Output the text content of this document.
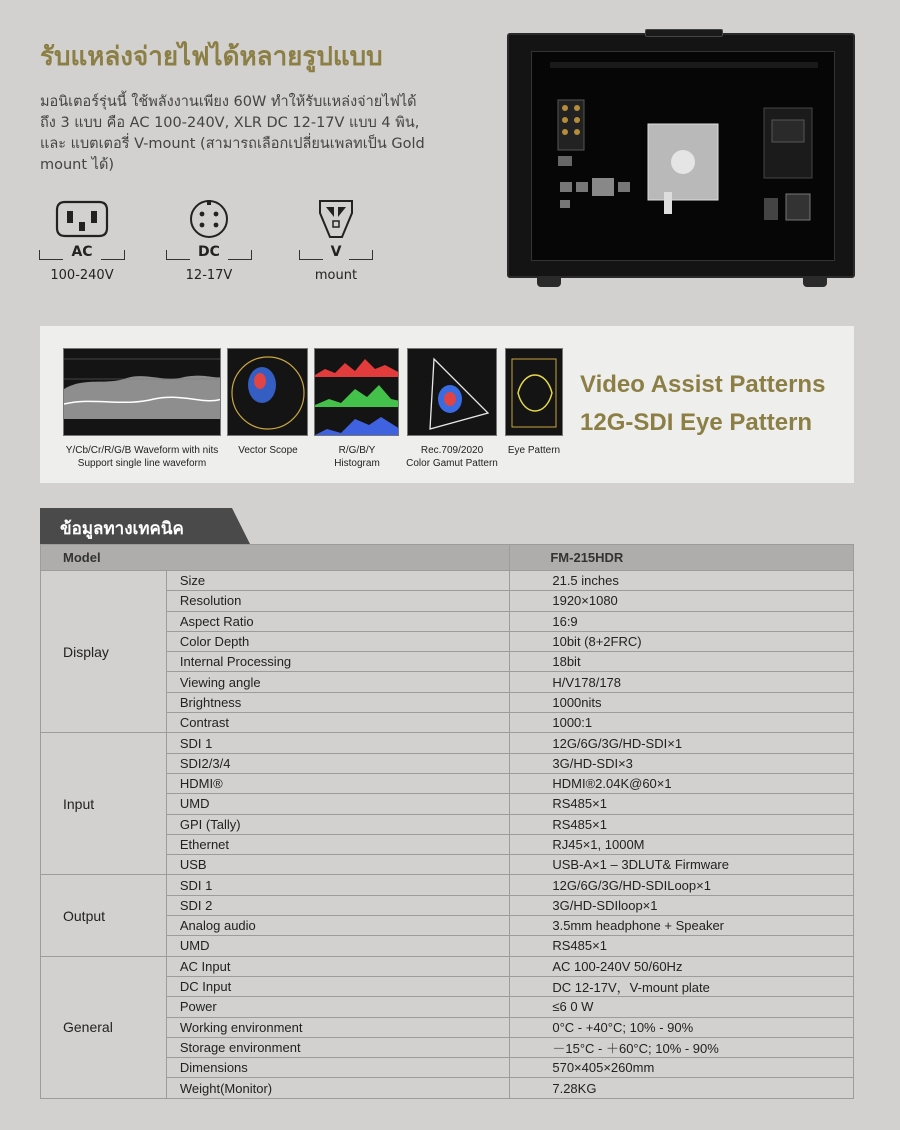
รับแหล่งจ่ายไฟได้หลายรูปแบบ
มอนิเตอร์รุ่นนี้ ใช้พลังงานเพียง 60W ทำให้รับแหล่งจ่ายไฟได้ ถึง 3 แบบ คือ AC 100-240V, XLR DC 12-17V แบบ 4 พิน, และ แบตเตอรี่ V-mount (สามารถเลือกเปลี่ยนเพลทเป็น Gold mount ได้)
AC
100-240V
DC
12-17V
V
mount
Y/Cb/Cr/R/G/B Waveform with nits
Support single line waveform
Vector Scope	R/G/B/Y
Histogram
Rec.709/2020
Color Gamut Pattern
Eye Pattern
Video Assist Patterns
12G-SDI Eye Pattern
ข้อมูลทางเทคนิค
Model		FM-215HDR
Display	Size	21.5 inches
	Resolution	1920×1080
	Aspect Ratio	16:9
	Color Depth	10bit (8+2FRC)
	Internal Processing	18bit
	Viewing angle	H/V178/178
	Brightness	1000nits
	Contrast	1000:1
Input	SDI 1	12G/6G/3G/HD-SDI×1
	SDI2/3/4	3G/HD-SDI×3
	HDMI®	HDMI®2.04K@60×1
	UMD	RS485×1
	GPI (Tally)	RS485×1
	Ethernet	RJ45×1, 1000M
	USB	USB-A×1 – 3DLUT& Firmware
Output	SDI 1	12G/6G/3G/HD-SDILoop×1
	SDI 2	3G/HD-SDIloop×1
	Analog audio	3.5mm headphone + Speaker
	UMD	RS485×1
General	AC Input	AC 100-240V 50/60Hz
	DC Input	DC 12-17V，V-mount plate
	Power	≤6 0 W
	Working environment	0°C - +40°C; 10% - 90%
	Storage environment	－15°C - ＋60°C; 10% - 90%
	Dimensions	570×405×260mm
	Weight(Monitor)	7.28KG
